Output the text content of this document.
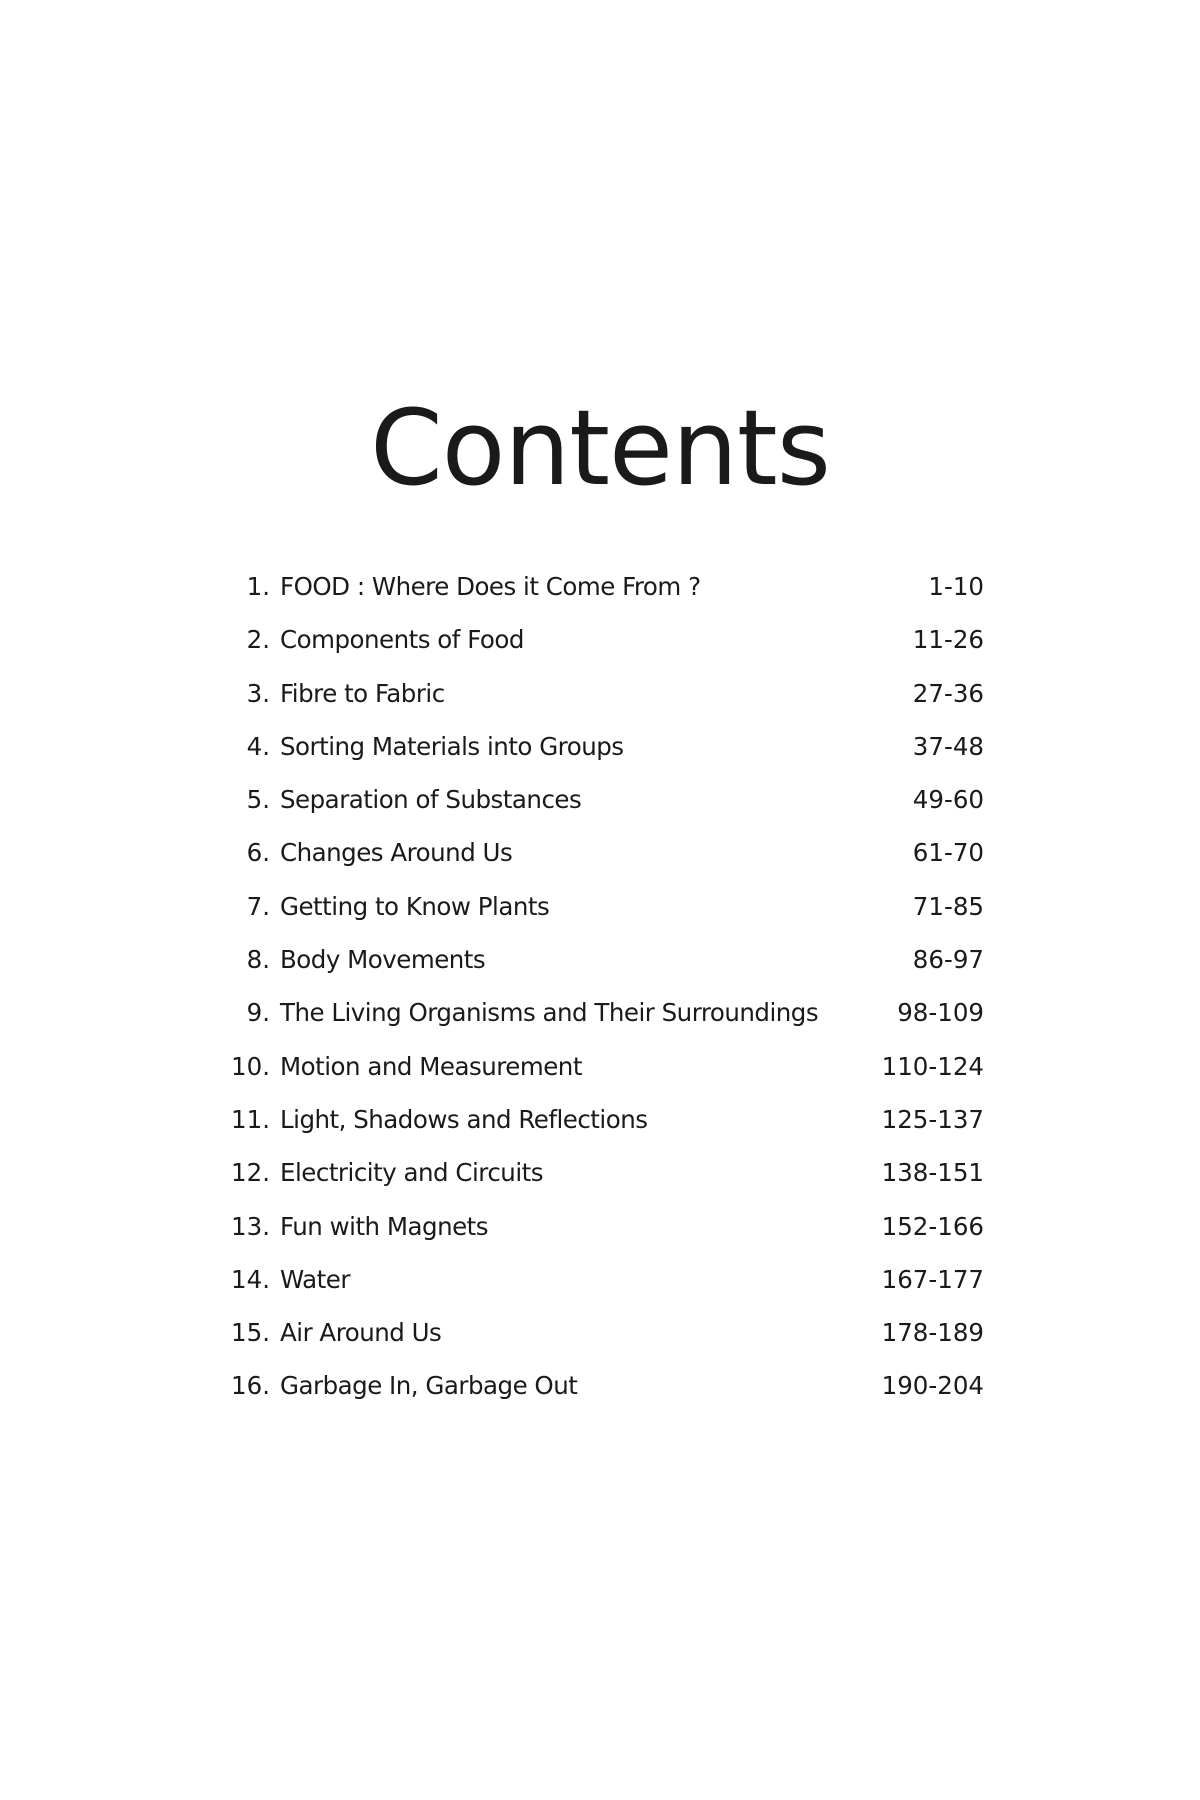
Contents
1. FOOD : Where Does it Come From ?	1-10
2. Components of Food	11-26
3. Fibre to Fabric	27-36
4. Sorting Materials into Groups	37-48
5. Separation of Substances	49-60
6. Changes Around Us	61-70
7. Getting to Know Plants	71-85
8. Body Movements	86-97
9. The Living Organisms and Their Surroundings	98-109
10. Motion and Measurement	110-124
11. Light, Shadows and Reflections	125-137
12. Electricity and Circuits	138-151
13. Fun with Magnets	152-166
14. Water	167-177
15. Air Around Us	178-189
16. Garbage In, Garbage Out	190-204
